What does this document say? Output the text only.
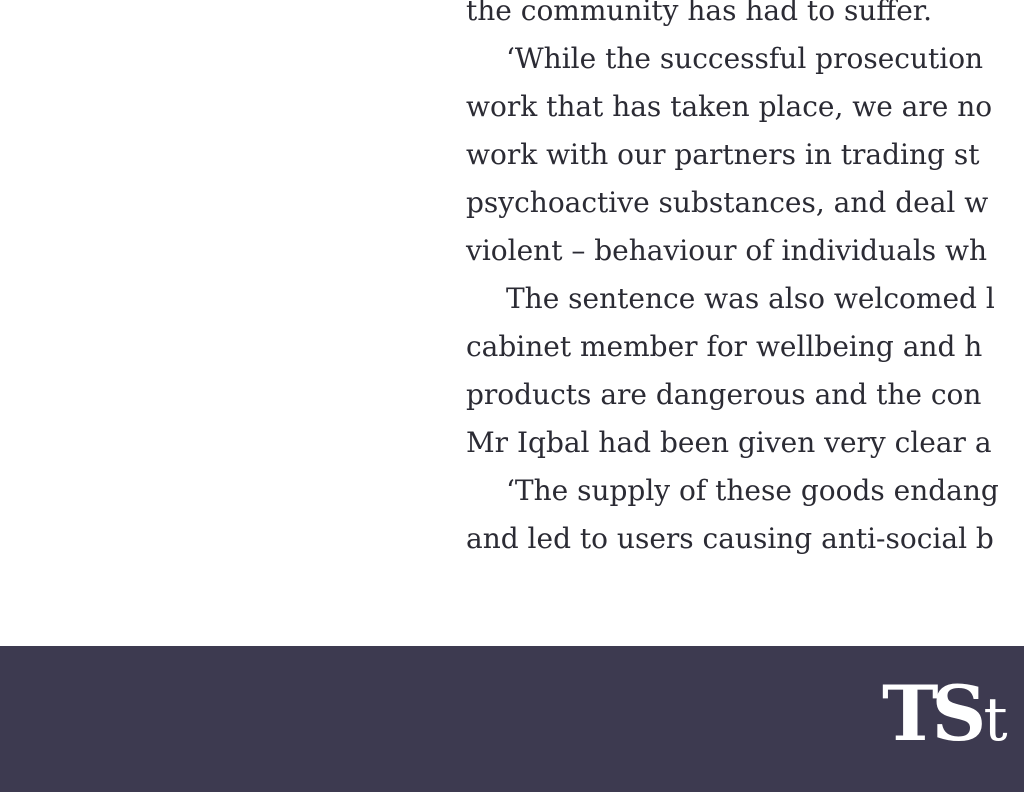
the community has had to suffer.
‘While the successful prosecution
work that has taken place, we are no
work with our partners in trading st
psychoactive substances, and deal w
violent – behaviour of individuals wh
The sentence was also welcomed l
cabinet member for wellbeing and h
products are dangerous and the con
Mr Iqbal had been given very clear a
‘The supply of these goods endang
and led to users causing anti-social b
TSt
